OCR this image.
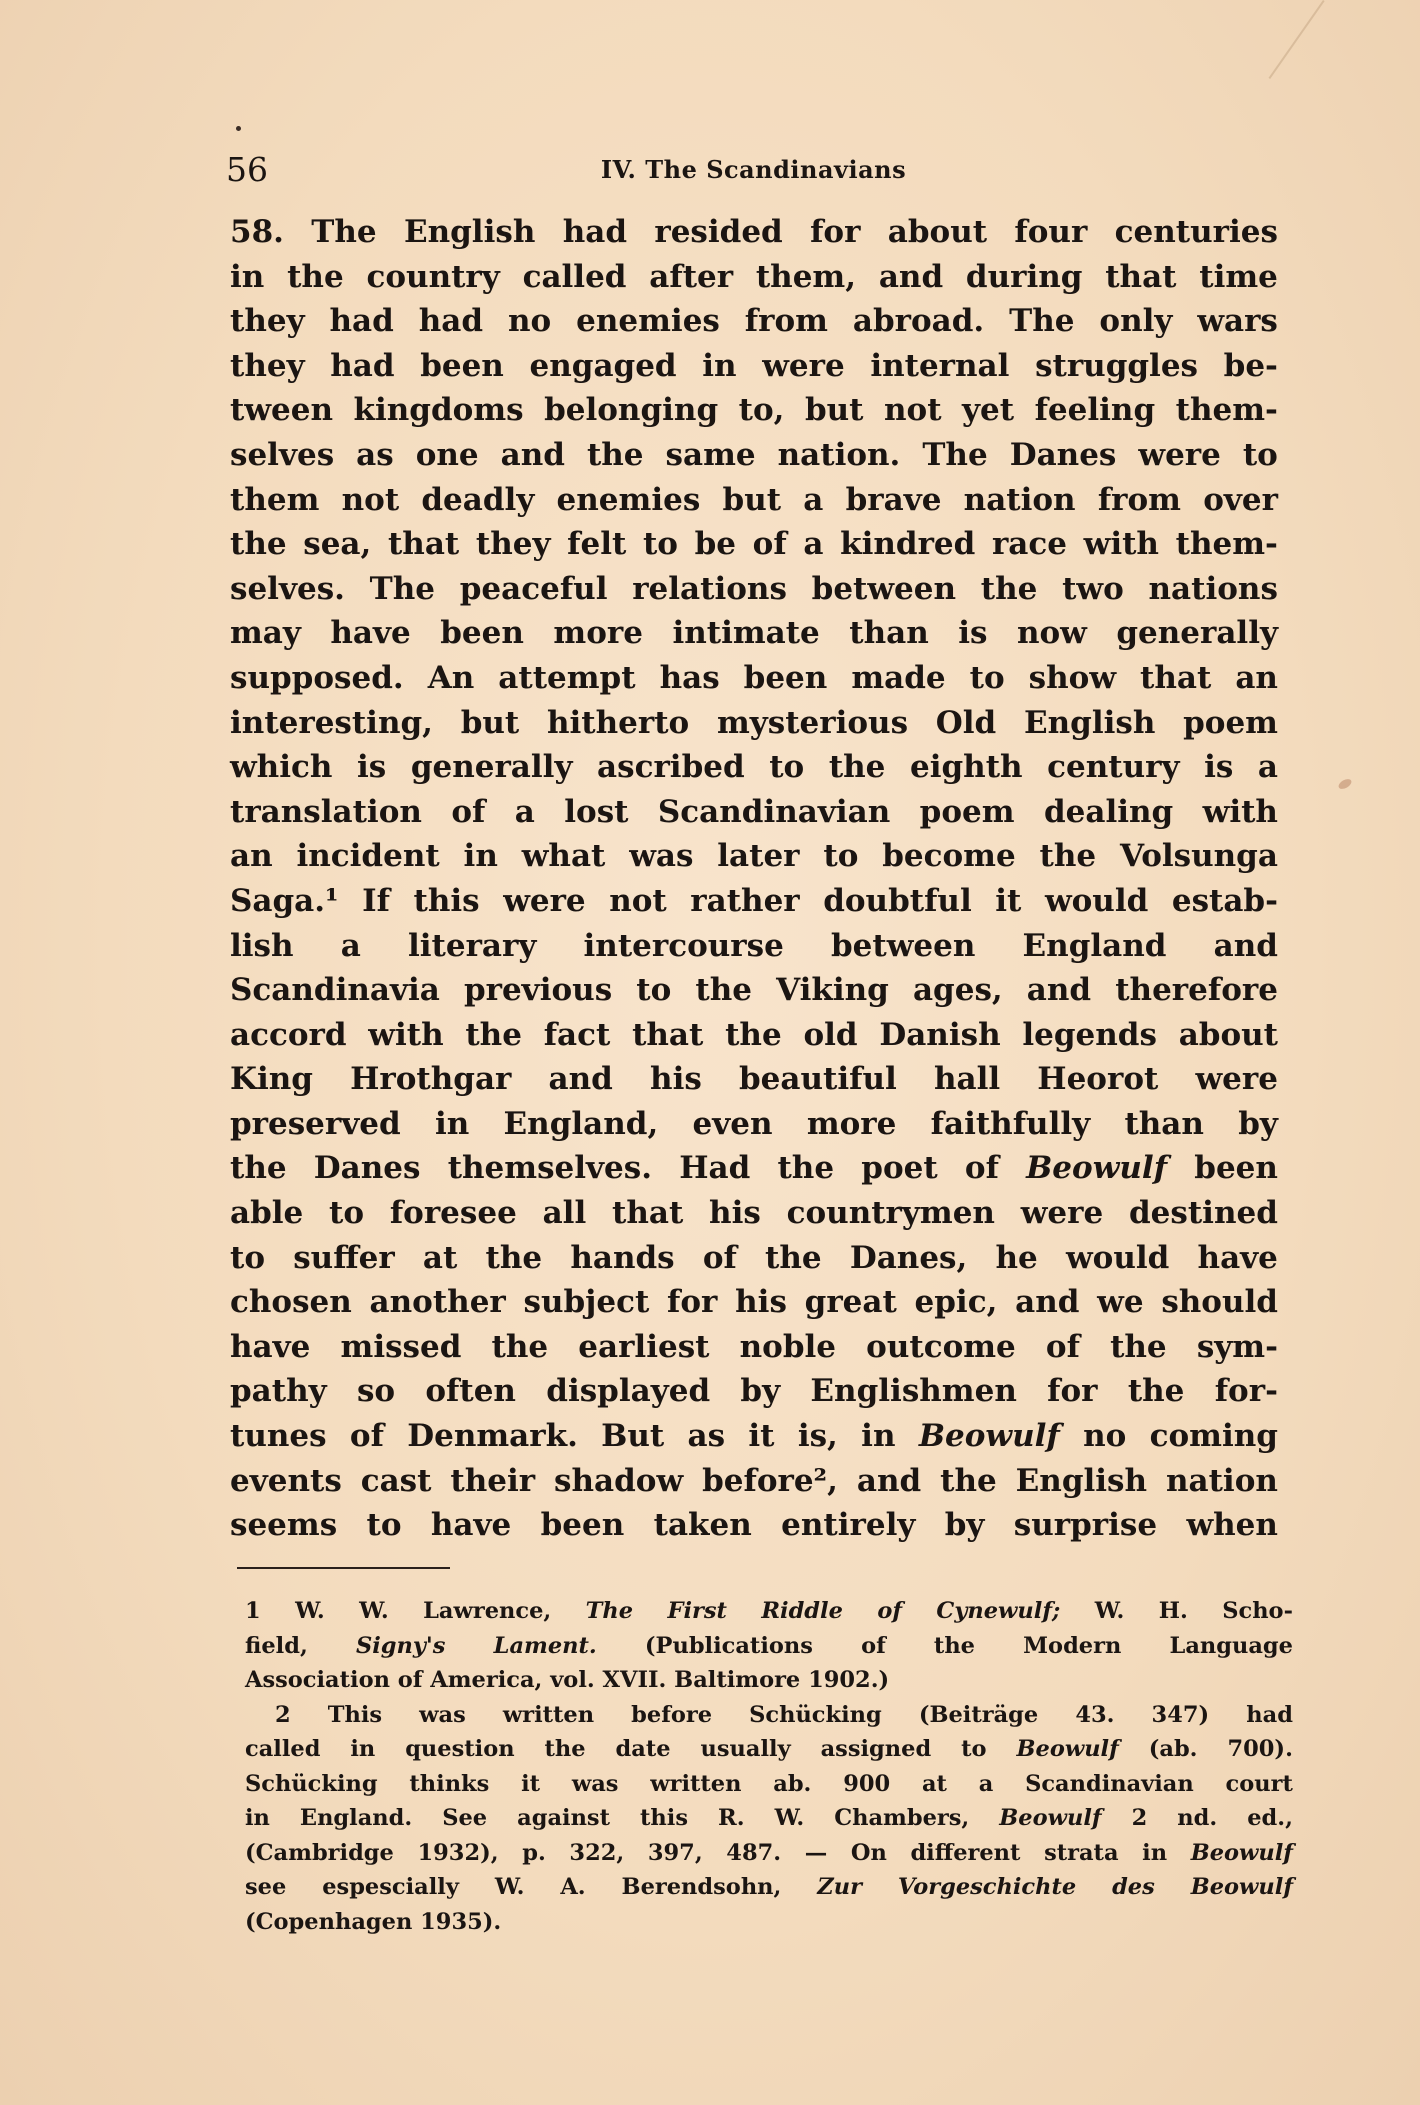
56	IV. The Scandinavians
58. The English had resided for about four centuries
in the country called after them, and during that time
they had had no enemies from abroad. The only wars
they had been engaged in were internal struggles be-
tween kingdoms belonging to, but not yet feeling them-
selves as one and the same nation. The Danes were to
them not deadly enemies but a brave nation from over
the sea, that they felt to be of a kindred race with them-
selves. The peaceful relations between the two nations
may have been more intimate than is now generally
supposed. An attempt has been made to show that an
interesting, but hitherto mysterious Old English poem
which is generally ascribed to the eighth century is a
translation of a lost Scandinavian poem dealing with
an incident in what was later to become the Volsunga
Saga.¹ If this were not rather doubtful it would estab-
lish a literary intercourse between England and
Scandinavia previous to the Viking ages, and therefore
accord with the fact that the old Danish legends about
King Hrothgar and his beautiful hall Heorot were
preserved in England, even more faithfully than by
the Danes themselves. Had the poet of Beowulf been
able to foresee all that his countrymen were destined
to suffer at the hands of the Danes, he would have
chosen another subject for his great epic, and we should
have missed the earliest noble outcome of the sym-
pathy so often displayed by Englishmen for the for-
tunes of Denmark. But as it is, in Beowulf no coming
events cast their shadow before², and the English nation
seems to have been taken entirely by surprise when
1 W. W. Lawrence, The First Riddle of Cynewulf; W. H. Scho-
field, Signy's Lament. (Publications of the Modern Language
Association of America, vol. XVII. Baltimore 1902.)
2 This was written before Schücking (Beiträge 43. 347) had
called in question the date usually assigned to Beowulf (ab. 700).
Schücking thinks it was written ab. 900 at a Scandinavian court
in England. See against this R. W. Chambers, Beowulf 2 nd. ed.,
(Cambridge 1932), p. 322, 397, 487. — On different strata in Beowulf
see espescially W. A. Berendsohn, Zur Vorgeschichte des Beowulf
(Copenhagen 1935).
